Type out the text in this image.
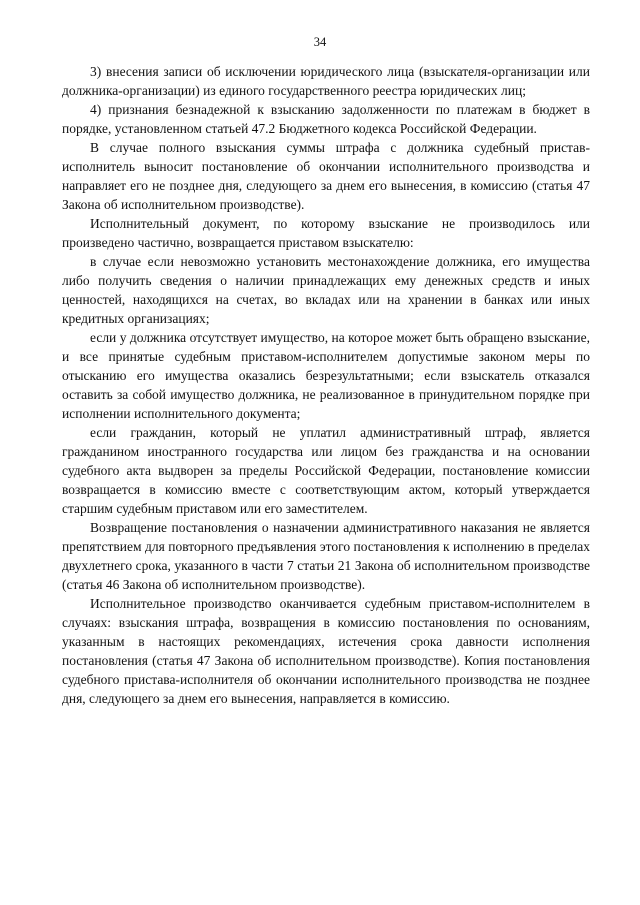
34

3) внесения записи об исключении юридического лица (взыскателя-организации или должника-организации) из единого государственного реестра юридических лиц;

4) признания безнадежной к взысканию задолженности по платежам в бюджет в порядке, установленном статьей 47.2 Бюджетного кодекса Российской Федерации.

В случае полного взыскания суммы штрафа с должника судебный пристав-исполнитель выносит постановление об окончании исполнительного производства и направляет его не позднее дня, следующего за днем его вынесения, в комиссию (статья 47 Закона об исполнительном производстве).

Исполнительный документ, по которому взыскание не производилось или произведено частично, возвращается приставом взыскателю:

в случае если невозможно установить местонахождение должника, его имущества либо получить сведения о наличии принадлежащих ему денежных средств и иных ценностей, находящихся на счетах, во вкладах или на хранении в банках или иных кредитных организациях;

если у должника отсутствует имущество, на которое может быть обращено взыскание, и все принятые судебным приставом-исполнителем допустимые законом меры по отысканию его имущества оказались безрезультатными; если взыскатель отказался оставить за собой имущество должника, не реализованное в принудительном порядке при исполнении исполнительного документа;

если гражданин, который не уплатил административный штраф, является гражданином иностранного государства или лицом без гражданства и на основании судебного акта выдворен за пределы Российской Федерации, постановление комиссии возвращается в комиссию вместе с соответствующим актом, который утверждается старшим судебным приставом или его заместителем.

Возвращение постановления о назначении административного наказания не является препятствием для повторного предъявления этого постановления к исполнению в пределах двухлетнего срока, указанного в части 7 статьи 21 Закона об исполнительном производстве (статья 46 Закона об исполнительном производстве).

Исполнительное производство оканчивается судебным приставом-исполнителем в случаях: взыскания штрафа, возвращения в комиссию постановления по основаниям, указанным в настоящих рекомендациях, истечения срока давности исполнения постановления (статья 47 Закона об исполнительном производстве). Копия постановления судебного пристава-исполнителя об окончании исполнительного производства не позднее дня, следующего за днем его вынесения, направляется в комиссию.
